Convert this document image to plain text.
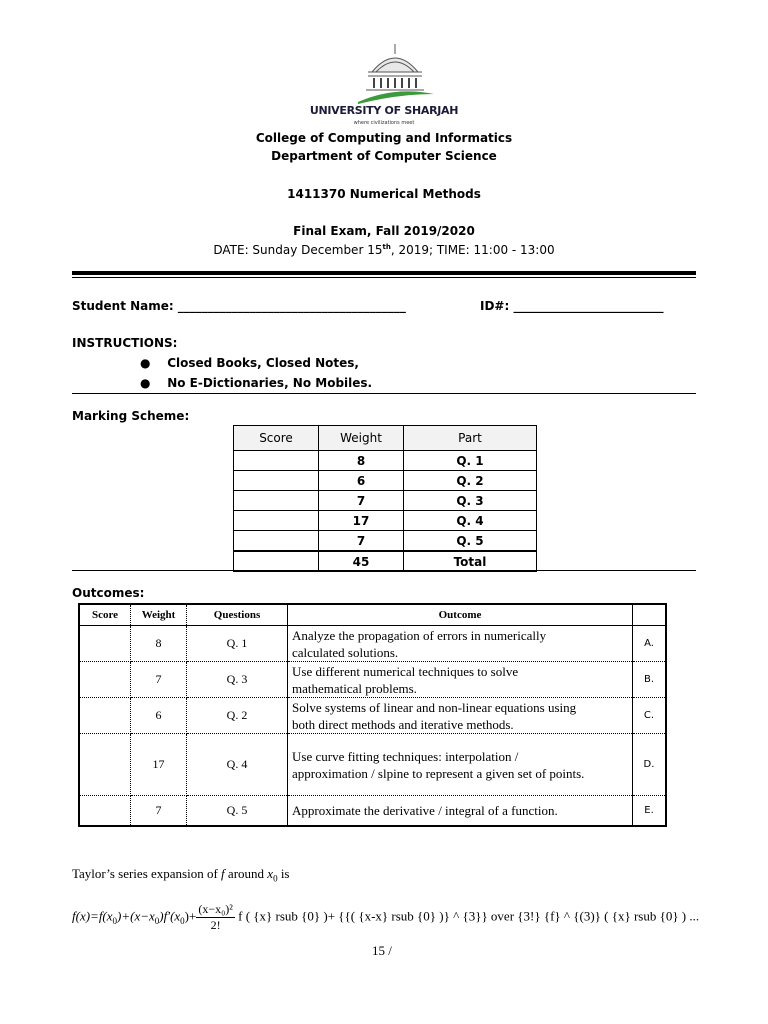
UNIVERSITY OF SHARJAH
where civilizations meet
College of Computing and Informatics
Department of Computer Science
1411370 Numerical Methods
Final Exam, Fall 2019/2020
DATE: Sunday December 15th, 2019; TIME: 11:00 - 13:00
Student Name: ______________________________________	ID#: _________________________
INSTRUCTIONS:
●    Closed Books, Closed Notes,
●    No E-Dictionaries, No Mobiles.
Marking Scheme:
Score	Weight	Part
	8	Q. 1
	6	Q. 2
	7	Q. 3
	17	Q. 4
	7	Q. 5
	45	Total
Outcomes:
Score	Weight	Questions	Outcome	
	8	Q. 1	Analyze the propagation of errors in numerically
calculated solutions.	A.
	7	Q. 3	Use different numerical techniques to solve
mathematical problems.	B.
	6	Q. 2	Solve systems of linear and non-linear equations using
both direct methods and iterative methods.	C.
	17	Q. 4	Use curve fitting techniques: interpolation /
approximation / slpine to represent a given set of points.	D.
	7	Q. 5	Approximate the derivative / integral of a function.	E.
Taylor’s series expansion of f around $x_0$ is
$f(x)=f(x_0)+(x-x_0)f'(x_0)+ \frac{\text{(x−x₀)²}}{2!}$ f ( {x} rsub {0} )+ {{( {x-x} rsub {0} )} ^ {3}} over {3!} {f} ^ {(3)} ( {x} rsub {0} ) ...
15 /
